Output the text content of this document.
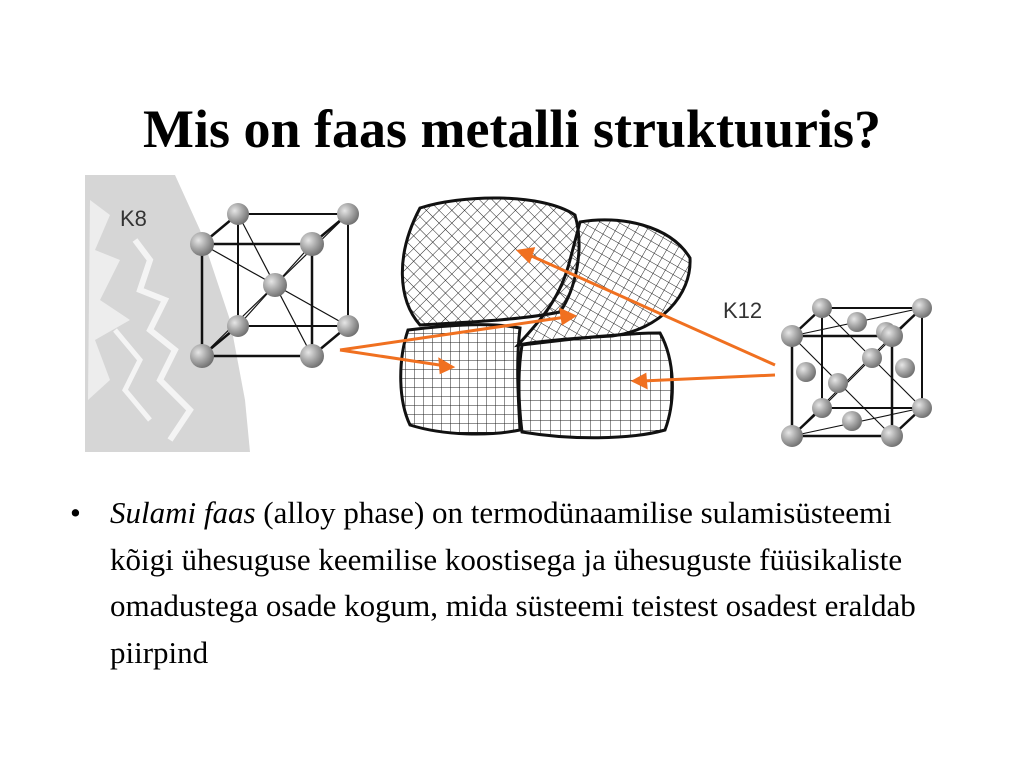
Mis on faas metalli struktuuris?
K8
K12
• Sulami faas (alloy phase) on termodünaamilise sulamisüsteemi kõigi ühesuguse keemilise koostisega ja ühesuguste füüsikaliste omadustega osade kogum, mida süsteemi teistest osadest eraldab piirpind
